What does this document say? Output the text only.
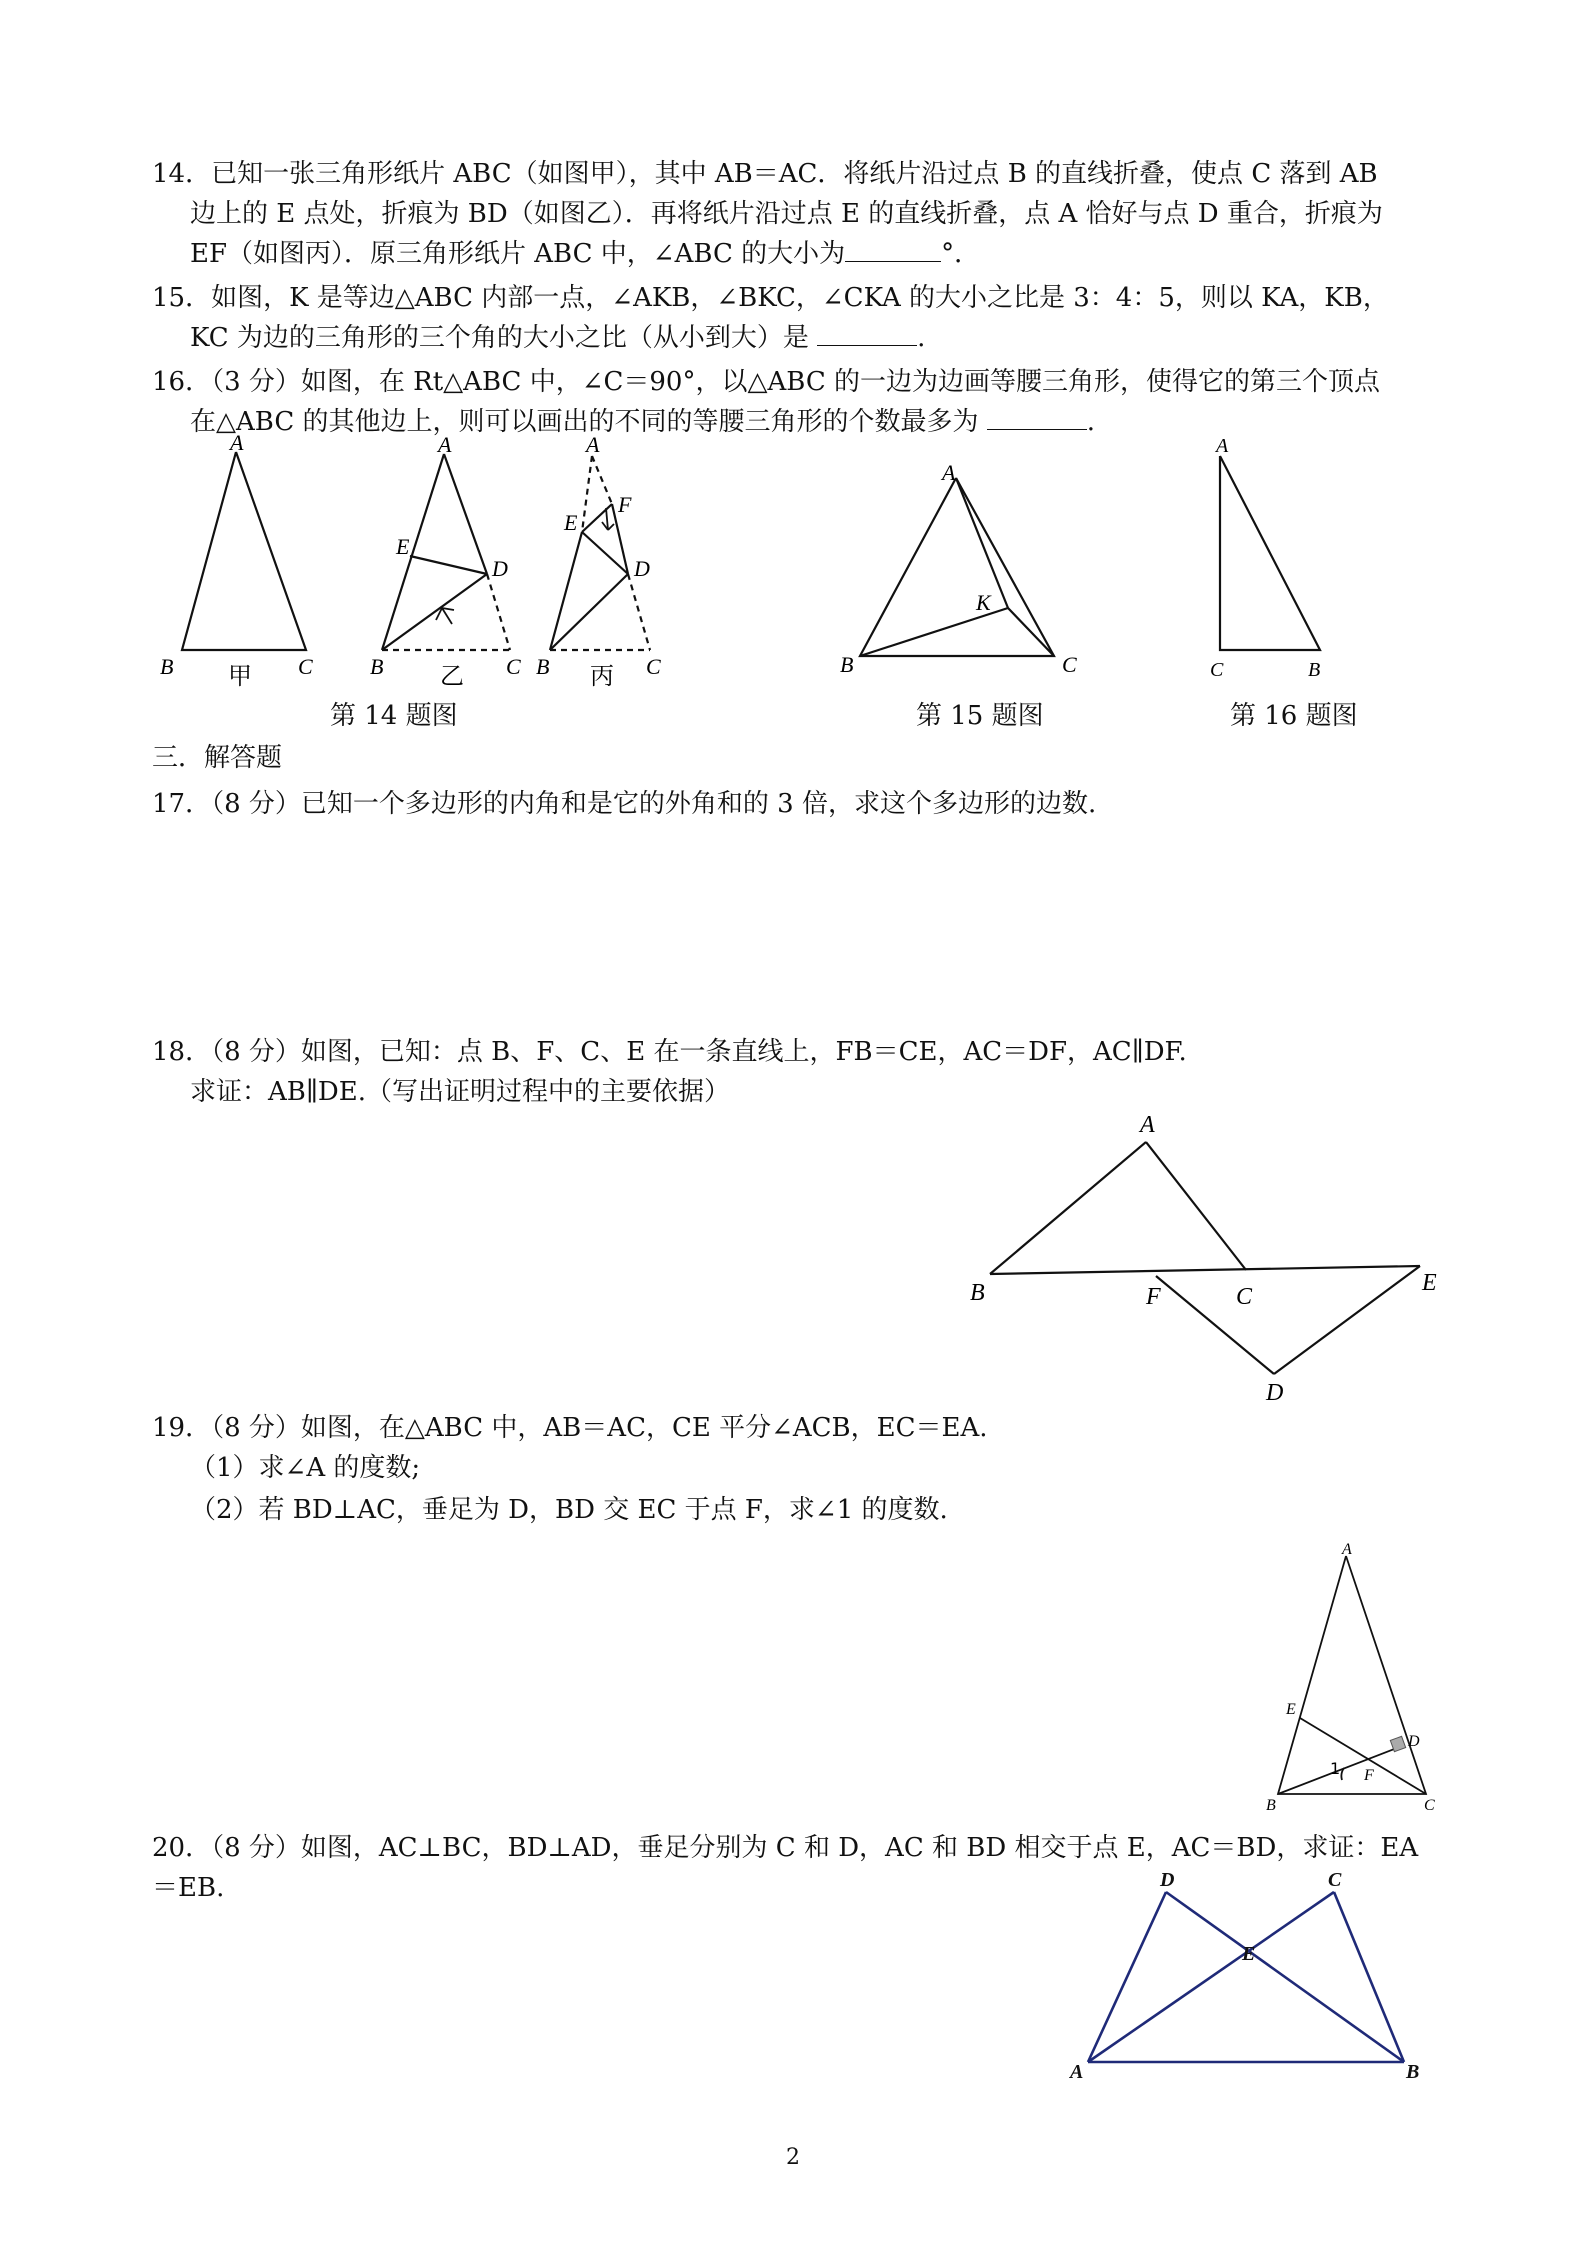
14．已知一张三角形纸片 ABC（如图甲），其中 AB＝AC．将纸片沿过点 B 的直线折叠，使点 C 落到 AB
边上的 E 点处，折痕为 BD（如图乙）．再将纸片沿过点 E 的直线折叠，点 A 恰好与点 D 重合，折痕为
EF（如图丙）．原三角形纸片 ABC 中，∠ABC 的大小为	°．
15．如图，K 是等边△ABC 内部一点，∠AKB，∠BKC，∠CKA 的大小之比是 3：4：5，则以 KA，KB，
KC 为边的三角形的三个角的大小之比（从小到大）是	.
16．（3 分）如图，在 Rt△ABC 中，∠C＝90°，以△ABC 的一边为边画等腰三角形，使得它的第三个顶点
在△ABC 的其他边上，则可以画出的不同的等腰三角形的个数最多为	.
A
B	C
甲
A
E
D
B	C
乙
A
E
F
D
B	C
丙
A
B	C
K
A
C	B
第 14 题图	第 15 题图	第 16 题图
三．解答题
17．（8 分）已知一个多边形的内角和是它的外角和的 3 倍，求这个多边形的边数.
18．（8 分）如图，已知：点 B、F、C、E 在一条直线上，FB＝CE，AC＝DF，AC∥DF.
求证：AB∥DE.（写出证明过程中的主要依据）
A
B	F	C
E
D
19．（8 分）如图，在△ABC 中，AB＝AC，CE 平分∠ACB，EC＝EA.
（1）求∠A 的度数;
（2）若 BD⊥AC，垂足为 D，BD 交 EC 于点 F，求∠1 的度数.
A
E
D
F
1
B	C
20．（8 分）如图，AC⊥BC，BD⊥AD，垂足分别为 C 和 D，AC 和 BD 相交于点 E，AC＝BD，求证：EA
＝EB.	D	C
E
A	B
2
